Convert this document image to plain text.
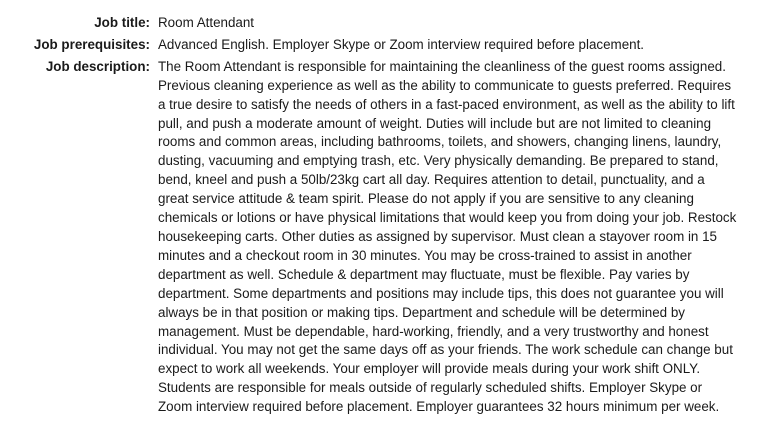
Job title:	Room Attendant
Job prerequisites:	Advanced English. Employer Skype or Zoom interview required before placement.
Job description:	The Room Attendant is responsible for maintaining the cleanliness of the guest rooms assigned. Previous cleaning experience as well as the ability to communicate to guests preferred. Requires a true desire to satisfy the needs of others in a fast-paced environment, as well as the ability to lift pull, and push a moderate amount of weight. Duties will include but are not limited to cleaning rooms and common areas, including bathrooms, toilets, and showers, changing linens, laundry, dusting, vacuuming and emptying trash, etc. Very physically demanding. Be prepared to stand, bend, kneel and push a 50lb/23kg cart all day. Requires attention to detail, punctuality, and a great service attitude & team spirit. Please do not apply if you are sensitive to any cleaning chemicals or lotions or have physical limitations that would keep you from doing your job. Restock housekeeping carts. Other duties as assigned by supervisor. Must clean a stayover room in 15 minutes and a checkout room in 30 minutes. You may be cross-trained to assist in another department as well. Schedule & department may fluctuate, must be flexible. Pay varies by department. Some departments and positions may include tips, this does not guarantee you will always be in that position or making tips. Department and schedule will be determined by management. Must be dependable, hard-working, friendly, and a very trustworthy and honest individual. You may not get the same days off as your friends. The work schedule can change but expect to work all weekends. Your employer will provide meals during your work shift ONLY. Students are responsible for meals outside of regularly scheduled shifts. Employer Skype or Zoom interview required before placement. Employer guarantees 32 hours minimum per week.
